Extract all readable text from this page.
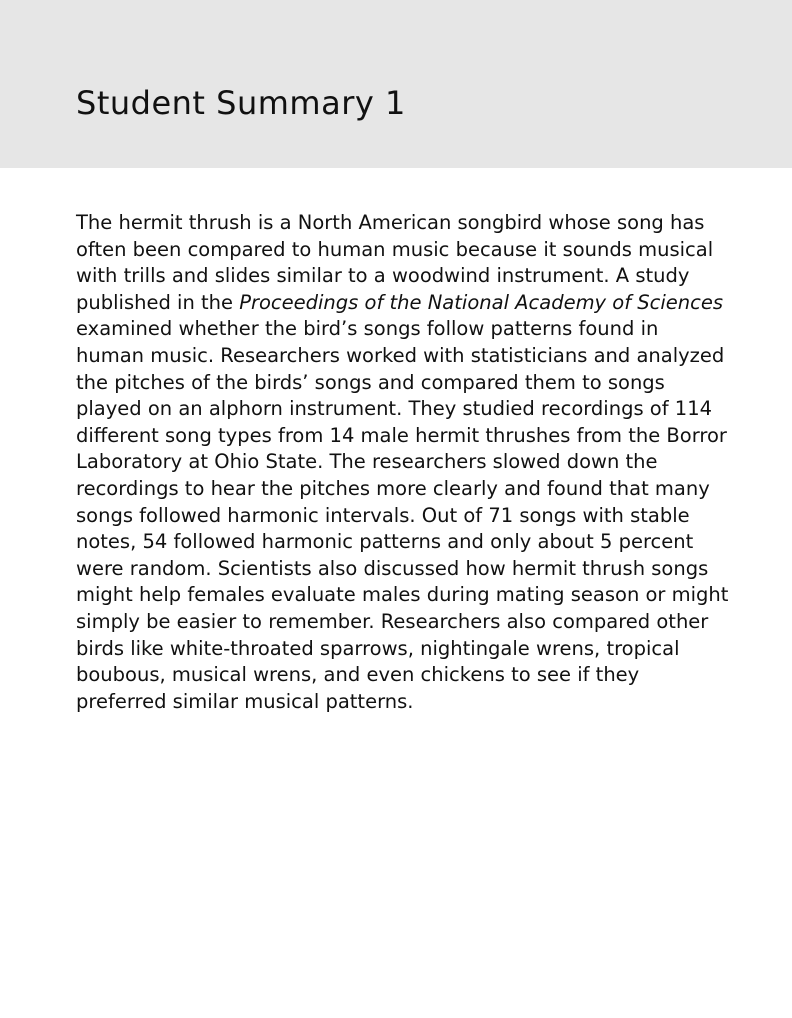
Student Summary 1

The hermit thrush is a North American songbird whose song has often been compared to human music because it sounds musical with trills and slides similar to a woodwind instrument. A study published in the Proceedings of the National Academy of Sciences examined whether the bird’s songs follow patterns found in human music. Researchers worked with statisticians and analyzed the pitches of the birds’ songs and compared them to songs played on an alphorn instrument. They studied recordings of 114 different song types from 14 male hermit thrushes from the Borror Laboratory at Ohio State. The researchers slowed down the recordings to hear the pitches more clearly and found that many songs followed harmonic intervals. Out of 71 songs with stable notes, 54 followed harmonic patterns and only about 5 percent were random. Scientists also discussed how hermit thrush songs might help females evaluate males during mating season or might simply be easier to remember. Researchers also compared other birds like white-throated sparrows, nightingale wrens, tropical boubous, musical wrens, and even chickens to see if they preferred similar musical patterns.
